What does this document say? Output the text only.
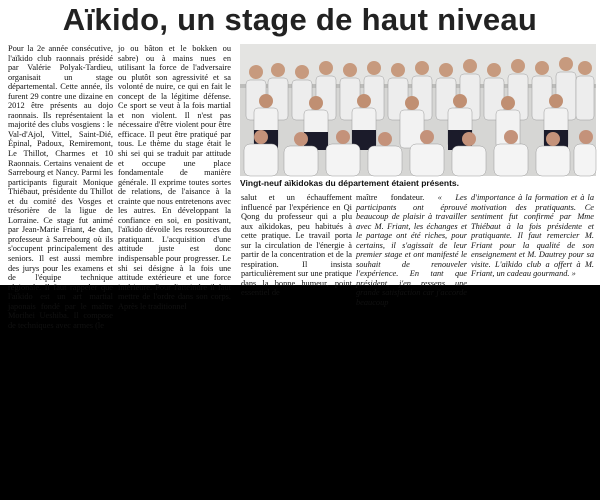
Aïkido, un stage de haut niveau

Pour la 2e année consécutive, l'aïkido club raonnais présidé par Valérie Polyak-Tardieu, organisait un stage départemental. Cette année, ils furent 29 contre une dizaine en 2012 être présents au dojo raonnais. Ils représentaient la majorité des clubs vosgiens : le Val-d'Ajol, Vittel, Saint-Dié, Épinal, Padoux, Remiremont, Le Thillot, Charmes et 10 Raonnais. Certains venaient de Sarrebourg et Nancy. Parmi les participants figurait Monique Thiébaut, présidente du Thillot et du comité des Vosges et trésorière de la ligue de Lorraine. Ce stage fut animé par Jean-Marie Friant, 4e dan, professeur à Sarrebourg où ils s'occupent principalement des seniors. Il est aussi membre des jurys pour les examens et de l'équipe technique régionale. Il faut rappeler que l'aïkido est un art martial japonais fondé par le maître Morihei Ueshiba. Il compose de techniques avec armes (le

jo ou bâton et le bokken ou sabre) ou à mains nues en utilisant la force de l'adversaire ou plutôt son agressivité et sa volonté de nuire, ce qui en fait le concept de la légitime défense. Ce sport se veut à la fois martial et non violent. Il n'est pas nécessaire d'être violent pour être efficace. Il peut être pratiqué par tous. Le thème du stage était le shi sei qui se traduit par attitude et occupe une place fondamentale de manière générale. Il exprime toutes sortes de relations, de l'aisance à la crainte que nous entretenons avec les autres. En développant la confiance en soi, en positivant, l'aïkido dévoile les ressources du pratiquant. L'acquisition d'une attitude juste est donc indispensable pour progresser. Le shi sei désigne à la fois une attitude extérieure et une force intérieure. Pour l'atteindre il faut mettre de l'ordre dans son corps. Après le traditionnel

Vingt-neuf aïkidokas du département étaient présents.

salut et un échauffement influencé par l'expérience en Qi Qong du professeur qui a plu aux aïkidokas, peu habitués à cette pratique. Le travail porta sur la circulation de l'énergie à partir de la concentration et de la respiration. Il insista particulièrement sur une pratique dans la bonne humeur, point essentiel de

maître fondateur. « Les participants ont éprouvé beaucoup de plaisir à travailler avec M. Friant, les échanges et le partage ont été riches, pour certains, il s'agissait de leur premier stage et ont manifesté le souhait de renouveler l'expérience. En tant que président, j'en ressens une grande satisfaction car j'accorde beaucoup

d'importance à la formation et à la motivation des pratiquants. Ce sentiment fut confirmé par Mme Thiébaut à la fois présidente et pratiquante. Il faut remercier M. Friant pour la qualité de son enseignement et M. Dautrey pour sa visite. L'aïkido club a offert à M. Friant, un cadeau gourmand. »
